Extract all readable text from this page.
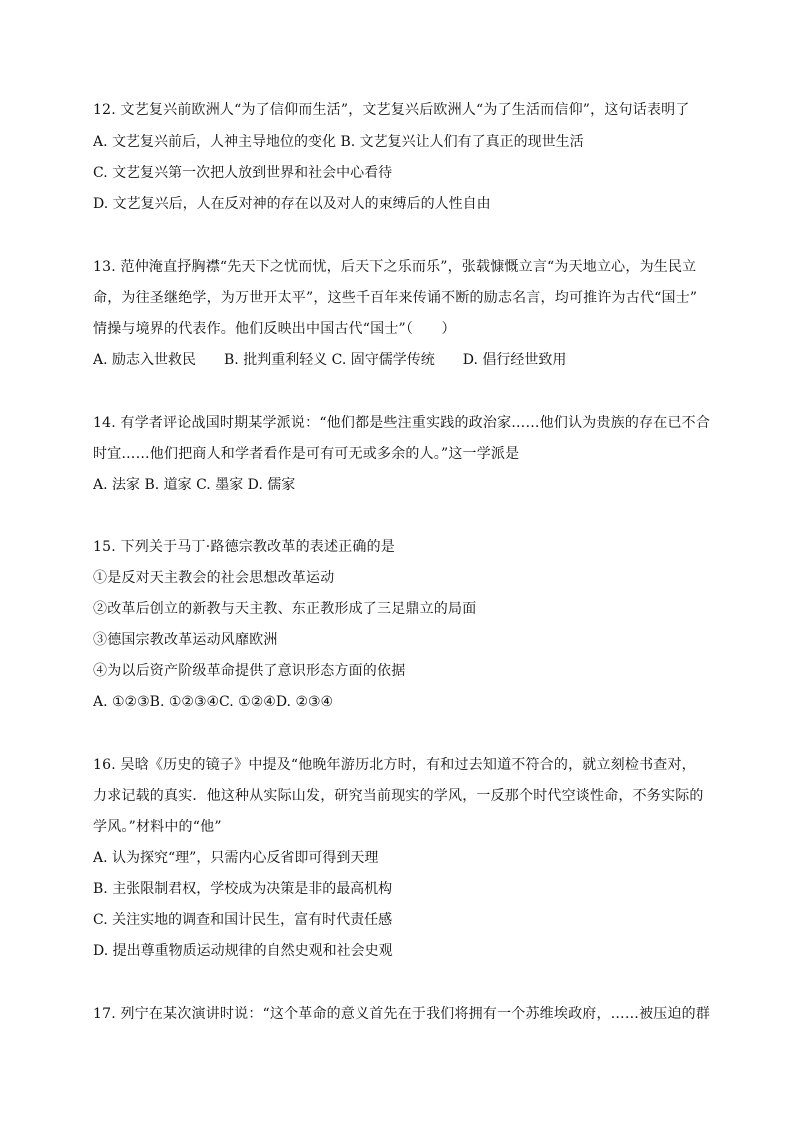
12. 文艺复兴前欧洲人“为了信仰而生活”，文艺复兴后欧洲人“为了生活而信仰”，这句话表明了
A. 文艺复兴前后，人神主导地位的变化 B. 文艺复兴让人们有了真正的现世生活
C. 文艺复兴第一次把人放到世界和社会中心看待
D. 文艺复兴后，人在反对神的存在以及对人的束缚后的人性自由
13. 范仲淹直抒胸襟“先天下之忧而忧，后天下之乐而乐”，张载慷慨立言“为天地立心，为生民立
命，为往圣继绝学，为万世开太平”，这些千百年来传诵不断的励志名言，均可推许为古代“国士”
情操与境界的代表作。他们反映出中国古代“国士”（　　）
A. 励志入世救民　　B. 批判重利轻义 C. 固守儒学传统　　D. 倡行经世致用
14. 有学者评论战国时期某学派说：“他们都是些注重实践的政治家……他们认为贵族的存在已不合
时宜……他们把商人和学者看作是可有可无或多余的人。”这一学派是
A. 法家 B. 道家 C. 墨家 D. 儒家
15. 下列关于马丁·路德宗教改革的表述正确的是
①是反对天主教会的社会思想改革运动
②改革后创立的新教与天主教、东正教形成了三足鼎立的局面
③德国宗教改革运动风靡欧洲
④为以后资产阶级革命提供了意识形态方面的依据
A. ①②③B. ①②③④C. ①②④D. ②③④
16. 吴晗《历史的镜子》中提及“他晚年游历北方时，有和过去知道不符合的，就立刻检书查对，
力求记载的真实．他这种从实际山发，研究当前现实的学风，一反那个时代空谈性命，不务实际的
学风。”材料中的“他”
A. 认为探究“理”，只需内心反省即可得到天理
B. 主张限制君权，学校成为决策是非的最高机构
C. 关注实地的调查和国计民生，富有时代责任感
D. 提出尊重物质运动规律的自然史观和社会史观
17. 列宁在某次演讲时说：“这个革命的意义首先在于我们将拥有一个苏维埃政府，……被压迫的群
